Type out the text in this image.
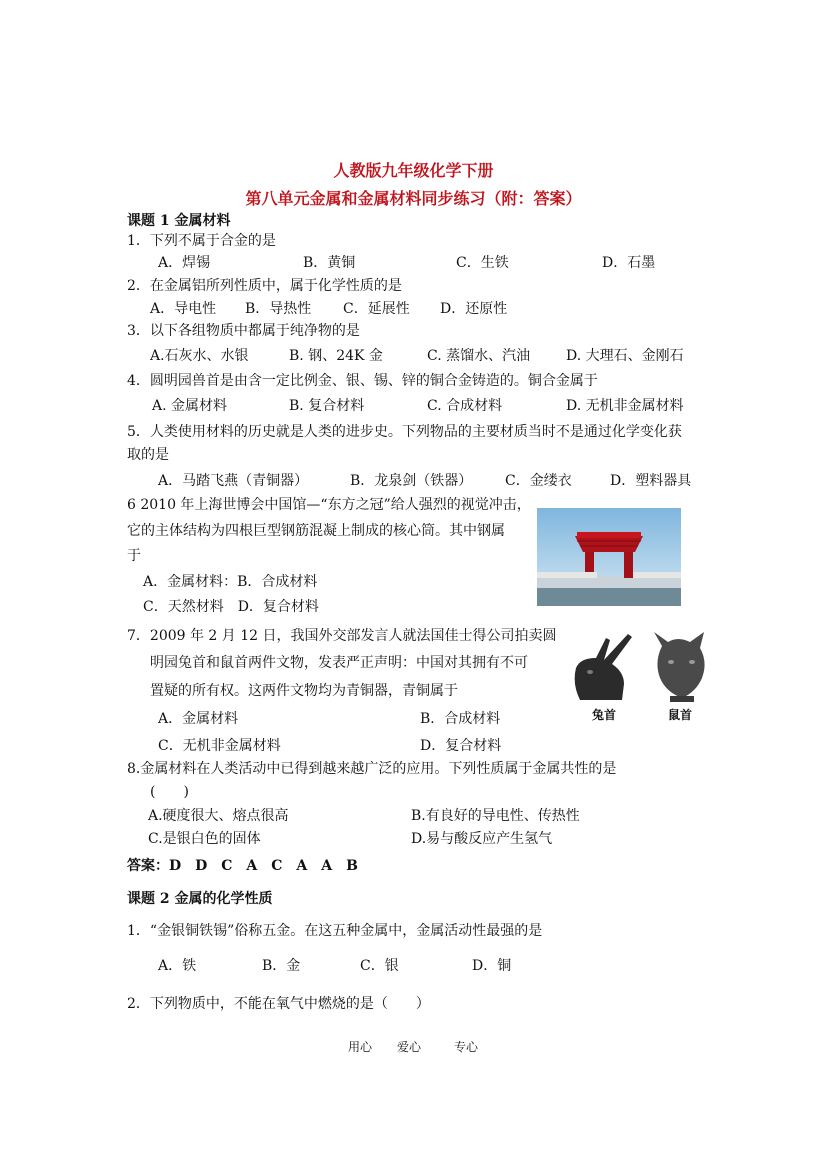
人教版九年级化学下册
第八单元金属和金属材料同步练习（附：答案）
课题 1 金属材料
1．下列不属于合金的是
A．焊锡	B．黄铜	C．生铁	D．石墨
2．在金属铝所列性质中，属于化学性质的是
A．导电性 B．导热性 C．延展性 D．还原性
3．以下各组物质中都属于纯净物的是
A.石灰水、水银	B. 钢、24K 金	C. 蒸馏水、汽油	D. 大理石、金刚石
4．圆明园兽首是由含一定比例金、银、锡、锌的铜合金铸造的。铜合金属于
A. 金属材料	B. 复合材料	C. 合成材料	D. 无机非金属材料
5．人类使用材料的历史就是人类的进步史。下列物品的主要材质当时不是通过化学变化获
取的是
A．马踏飞燕（青铜器）	B．龙泉剑（铁器） C．金缕衣	D．塑料器具
6 2010 年上海世博会中国馆—“东方之冠”给人强烈的视觉冲击，
它的主体结构为四根巨型钢筋混凝上制成的核心筒。其中钢属
于
A．金属材料：B．合成材料
C．天然材料　D．复合材料
7．2009 年 2 月 12 日，我国外交部发言人就法国佳士得公司拍卖圆
明园兔首和鼠首两件文物，发表严正声明：中国对其拥有不可
置疑的所有权。这两件文物均为青铜器，青铜属于
A．金属材料	B．合成材料
C．无机非金属材料	D．复合材料
兔首	鼠首
8.金属材料在人类活动中已得到越来越广泛的应用。下列性质属于金属共性的是
(　　)
A.硬度很大、熔点很高	B.有良好的导电性、传热性
C.是银白色的固体	D.易与酸反应产生氢气
答案：D　D　C　A　C　A　A　B
课题 2 金属的化学性质
1．“金银铜铁锡”俗称五金。在这五种金属中，金属活动性最强的是
A．铁	B．金	C．银	D．铜
2．下列物质中，不能在氧气中燃烧的是（　　）
用心 爱心	专心
